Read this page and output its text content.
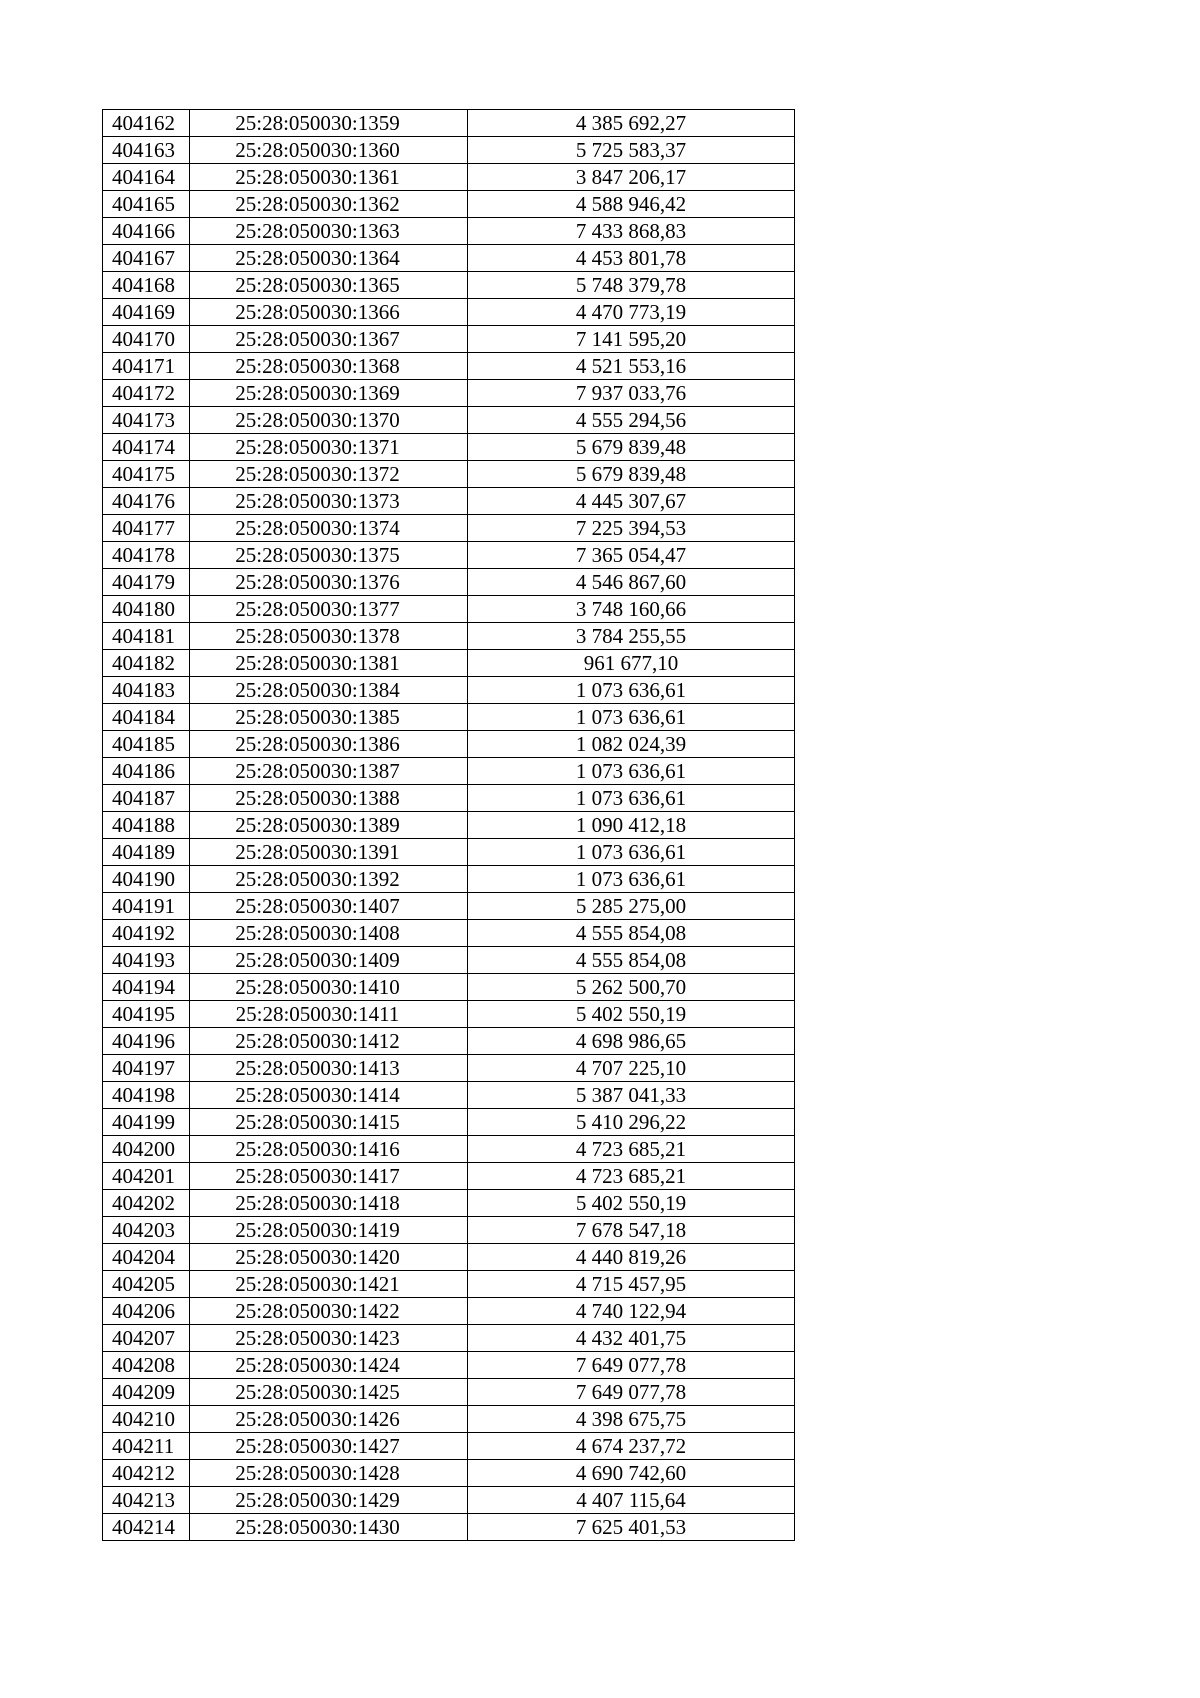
404162	25:28:050030:1359	4 385 692,27
404163	25:28:050030:1360	5 725 583,37
404164	25:28:050030:1361	3 847 206,17
404165	25:28:050030:1362	4 588 946,42
404166	25:28:050030:1363	7 433 868,83
404167	25:28:050030:1364	4 453 801,78
404168	25:28:050030:1365	5 748 379,78
404169	25:28:050030:1366	4 470 773,19
404170	25:28:050030:1367	7 141 595,20
404171	25:28:050030:1368	4 521 553,16
404172	25:28:050030:1369	7 937 033,76
404173	25:28:050030:1370	4 555 294,56
404174	25:28:050030:1371	5 679 839,48
404175	25:28:050030:1372	5 679 839,48
404176	25:28:050030:1373	4 445 307,67
404177	25:28:050030:1374	7 225 394,53
404178	25:28:050030:1375	7 365 054,47
404179	25:28:050030:1376	4 546 867,60
404180	25:28:050030:1377	3 748 160,66
404181	25:28:050030:1378	3 784 255,55
404182	25:28:050030:1381	961 677,10
404183	25:28:050030:1384	1 073 636,61
404184	25:28:050030:1385	1 073 636,61
404185	25:28:050030:1386	1 082 024,39
404186	25:28:050030:1387	1 073 636,61
404187	25:28:050030:1388	1 073 636,61
404188	25:28:050030:1389	1 090 412,18
404189	25:28:050030:1391	1 073 636,61
404190	25:28:050030:1392	1 073 636,61
404191	25:28:050030:1407	5 285 275,00
404192	25:28:050030:1408	4 555 854,08
404193	25:28:050030:1409	4 555 854,08
404194	25:28:050030:1410	5 262 500,70
404195	25:28:050030:1411	5 402 550,19
404196	25:28:050030:1412	4 698 986,65
404197	25:28:050030:1413	4 707 225,10
404198	25:28:050030:1414	5 387 041,33
404199	25:28:050030:1415	5 410 296,22
404200	25:28:050030:1416	4 723 685,21
404201	25:28:050030:1417	4 723 685,21
404202	25:28:050030:1418	5 402 550,19
404203	25:28:050030:1419	7 678 547,18
404204	25:28:050030:1420	4 440 819,26
404205	25:28:050030:1421	4 715 457,95
404206	25:28:050030:1422	4 740 122,94
404207	25:28:050030:1423	4 432 401,75
404208	25:28:050030:1424	7 649 077,78
404209	25:28:050030:1425	7 649 077,78
404210	25:28:050030:1426	4 398 675,75
404211	25:28:050030:1427	4 674 237,72
404212	25:28:050030:1428	4 690 742,60
404213	25:28:050030:1429	4 407 115,64
404214	25:28:050030:1430	7 625 401,53
